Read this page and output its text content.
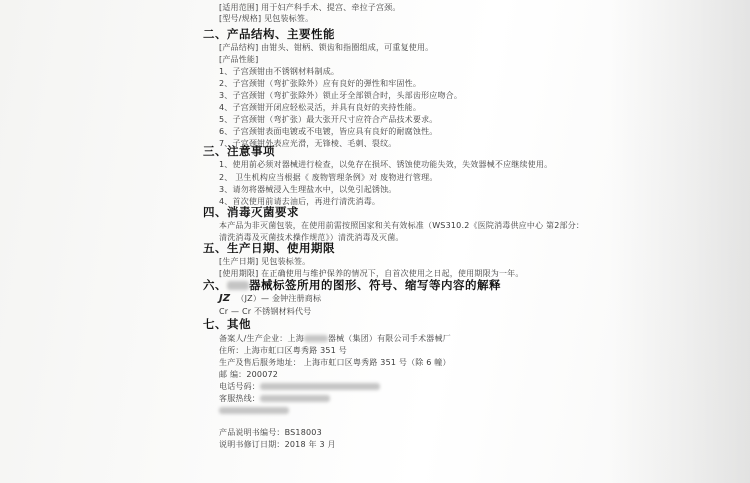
[适用范围] 用于妇产科手术、提宫、牵拉子宫颈。
[型号/规格] 见包装标签。
二、产品结构、主要性能
[产品结构] 由钳头、钳柄、锁齿和指圈组成，可重复使用。
[产品性能]
1、子宫颈钳由不锈钢材料制成。
2、子宫颈钳（弯扩张除外）应有良好的弹性和牢固性。
3、子宫颈钳（弯扩张除外）锁止牙全部锁合时，头部齿形应吻合。
4、子宫颈钳开闭应轻松灵活，并具有良好的夹持性能。
5、子宫颈钳（弯扩张）最大张开尺寸应符合产品技术要求。
6、子宫颈钳表面电镀或不电镀，皆应具有良好的耐腐蚀性。
7、子宫颈钳外表应光滑，无锋棱、毛刺、裂纹。
三、注意事项
1、使用前必须对器械进行检查，以免存在损坏、锈蚀使功能失效，失效器械不应继续使用。
2、 卫生机构应当根据《 废物管理条例》对 废物进行管理。
3、请勿将器械浸入生理盐水中，以免引起锈蚀。
4、首次使用前请去油后，再进行清洗消毒。
四、消毒灭菌要求
本产品为非灭菌包装，在使用前需按照国家和关有效标准（WS310.2《医院消毒供应中心 第2部分：
清洗消毒及灭菌技术操作规范》）清洗消毒及灭菌。
五、生产日期、使用期限
[生产日期] 见包装标签。
[使用期限] 在正确使用与维护保养的情况下，自首次使用之日起，使用期限为一年。
六、 器械标签所用的图形、符号、缩写等内容的解释
JZ （JZ）— 金钟注册商标
Cr — Cr 不锈钢材料代号
七、其他
备案人/生产企业：上海	器械（集团）有限公司手术器械厂
住所：上海市虹口区粤秀路 351 号
生产及售后服务地址： 上海市虹口区粤秀路 351 号（除 6 幢）
邮 编：200072
电话号码：
客服热线：
产品说明书编号：BS18003
说明书修订日期：2018 年 3 月
